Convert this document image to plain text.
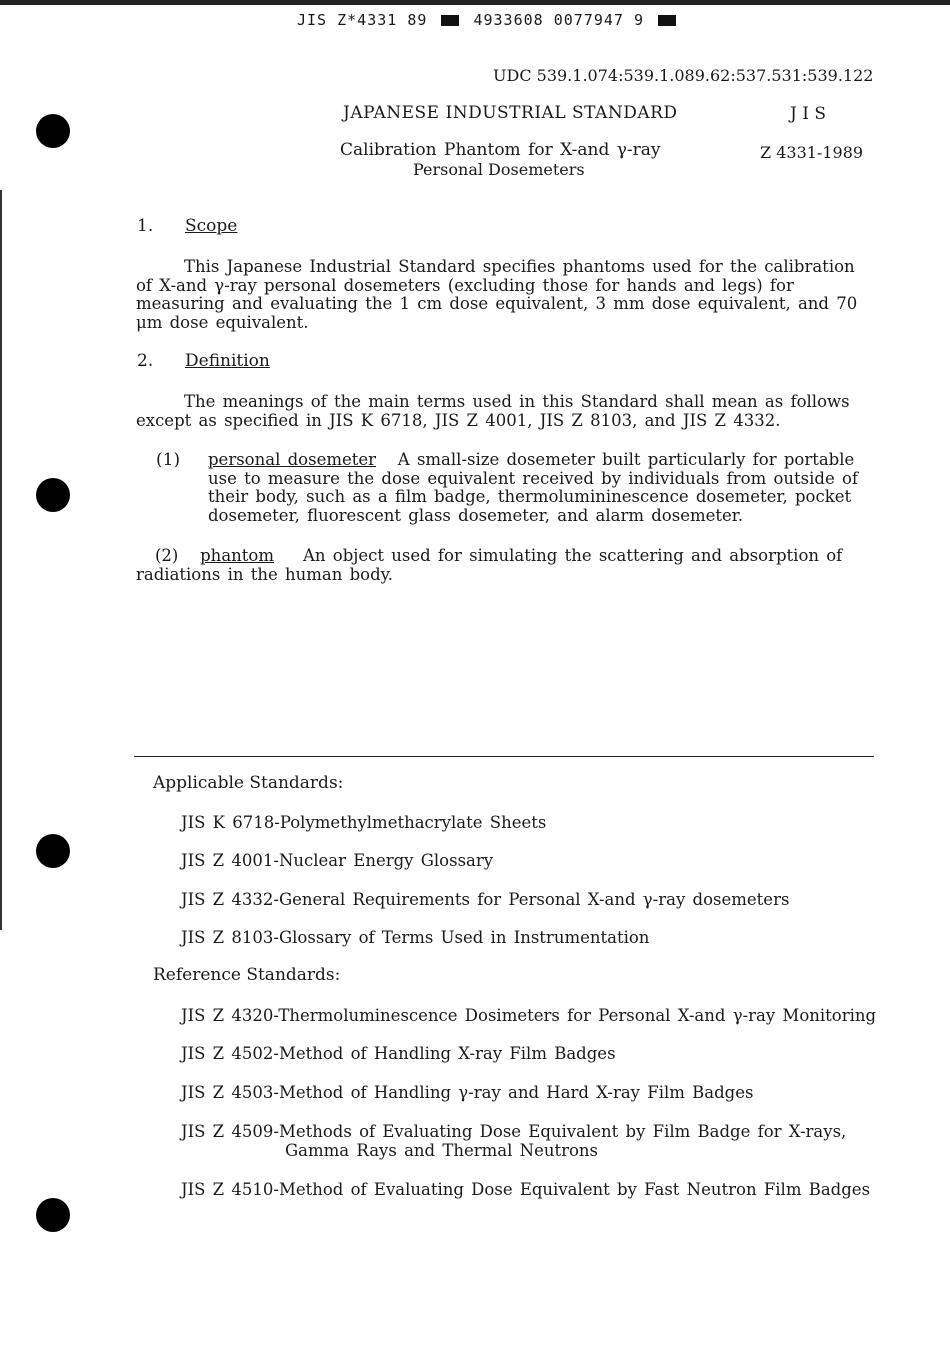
JIS Z*4331 89	4933608 0077947 9
UDC 539.1.074:539.1.089.62:537.531:539.122
JAPANESE INDUSTRIAL STANDARD	J I S
Calibration Phantom for X-and γ-ray
Personal Dosemeters
Z 4331-1989
1. Scope
This Japanese Industrial Standard specifies phantoms used for the calibration
of X-and γ-ray personal dosemeters (excluding those for hands and legs) for
measuring and evaluating the 1 cm dose equivalent, 3 mm dose equivalent, and 70
μm dose equivalent.
2. Definition
The meanings of the main terms used in this Standard shall mean as follows
except as specified in JIS K 6718, JIS Z 4001, JIS Z 8103, and JIS Z 4332.
(1) personal dosemeter A small-size dosemeter built particularly for portable
use to measure the dose equivalent received by individuals from outside of
their body, such as a film badge, thermolumininescence dosemeter, pocket
dosemeter, fluorescent glass dosemeter, and alarm dosemeter.
(2) phantom An object used for simulating the scattering and absorption of
radiations in the human body.
Applicable Standards:
JIS K 6718-Polymethylmethacrylate Sheets
JIS Z 4001-Nuclear Energy Glossary
JIS Z 4332-General Requirements for Personal X-and γ-ray dosemeters
JIS Z 8103-Glossary of Terms Used in Instrumentation
Reference Standards:
JIS Z 4320-Thermoluminescence Dosimeters for Personal X-and γ-ray Monitoring
JIS Z 4502-Method of Handling X-ray Film Badges
JIS Z 4503-Method of Handling γ-ray and Hard X-ray Film Badges
JIS Z 4509-Methods of Evaluating Dose Equivalent by Film Badge for X-rays,
Gamma Rays and Thermal Neutrons
JIS Z 4510-Method of Evaluating Dose Equivalent by Fast Neutron Film Badges
